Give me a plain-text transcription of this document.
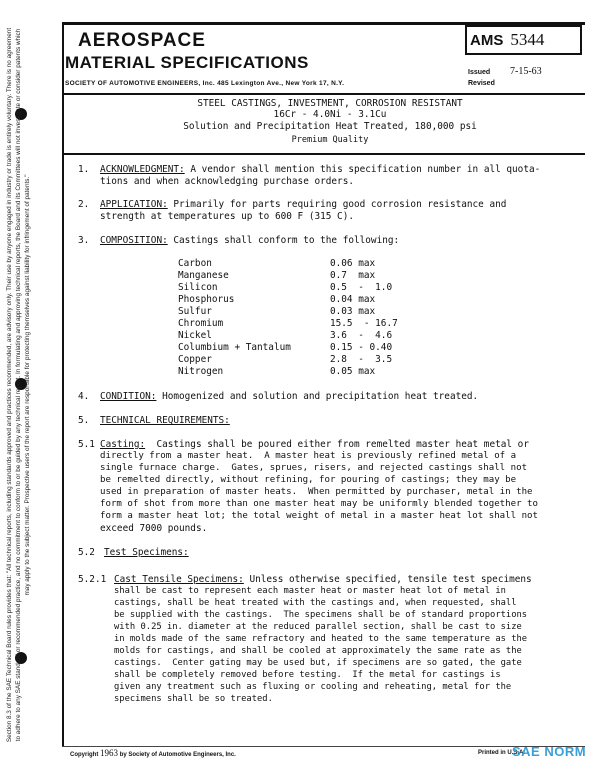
AEROSPACE
MATERIAL SPECIFICATIONS
SOCIETY OF AUTOMOTIVE ENGINEERS, Inc. 485 Lexington Ave., New York 17, N.Y.
AMS 5344
Issued 7-15-63
Revised
Section 8.3 of the SAE Technical Board rules provides that: "All technical reports, including standards approved and practices recommended, are advisory only. Their use by anyone engaged in industry or trade is entirely voluntary. There is no agreement to adhere to any SAE standard or recommended practice, and no commitment to conform to or be guided by any technical report. In formulating and approving technical reports, the Board and its Committees will not investigate or consider patents which may apply to the subject matter. Prospective users of the report are responsible for protecting themselves against liability for infringement of patents."
STEEL CASTINGS, INVESTMENT, CORROSION RESISTANT
16Cr - 4.0Ni - 3.1Cu
Solution and Precipitation Heat Treated, 180,000 psi
Premium Quality
1. ACKNOWLEDGMENT: A vendor shall mention this specification number in all quota-
tions and when acknowledging purchase orders.
2. APPLICATION: Primarily for parts requiring good corrosion resistance and
strength at temperatures up to 600 F (315 C).
3. COMPOSITION: Castings shall conform to the following:
Carbon	0.06 max
Manganese	0.7  max
Silicon	0.5  -  1.0
Phosphorus	0.04 max
Sulfur	0.03 max
Chromium	15.5  - 16.7
Nickel	3.6  -  4.6
Columbium + Tantalum	0.15 - 0.40
Copper	2.8  -  3.5
Nitrogen	0.05 max
4. CONDITION: Homogenized and solution and precipitation heat treated.
5. TECHNICAL REQUIREMENTS:
5.1 Casting:  Castings shall be poured either from remelted master heat metal or
directly from a master heat.  A master heat is previously refined metal of a
single furnace charge.  Gates, sprues, risers, and rejected castings shall not
be remelted directly, without refining, for pouring of castings; they may be
used in preparation of master heats.  When permitted by purchaser, metal in the
form of shot from more than one master heat may be uniformly blended together to
form a master heat lot; the total weight of metal in a master heat lot shall not
exceed 7000 pounds.
5.2 Test Specimens:
5.2.1 Cast Tensile Specimens: Unless otherwise specified, tensile test specimens
shall be cast to represent each master heat or master heat lot of metal in
castings, shall be heat treated with the castings and, when requested, shall
be supplied with the castings.  The specimens shall be of standard proportions
with 0.25 in. diameter at the reduced parallel section, shall be cast to size
in molds made of the same refractory and heated to the same temperature as the
molds for castings, and shall be cooled at approximately the same rate as the
castings.  Center gating may be used but, if specimens are so gated, the gate
shall be completely removed before testing.  If the metal for castings is
given any treatment such as fluxing or cooling and reheating, metal for the
specimens shall be so treated.
Copyright 1963 by Society of Automotive Engineers, Inc.	Printed in U.S.A.
SAE NORM
